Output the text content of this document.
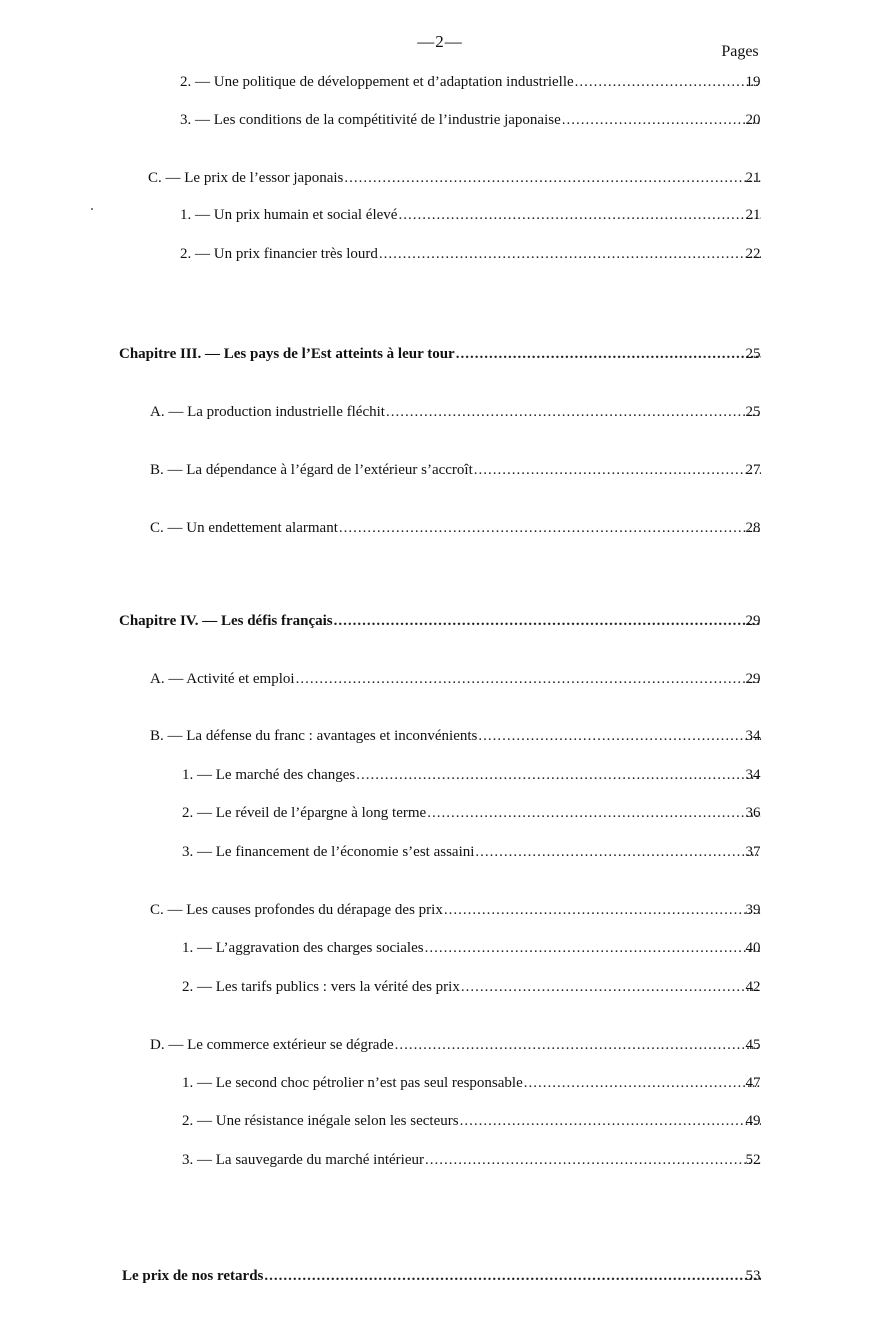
—2—
Pages
2. — Une politique de développement et d’adaptation industrielle .....	19
3. — Les conditions de la compétitivité de l’industrie japonaise .....	20
C. — Le prix de l’essor japonais .....	21
1. — Un prix humain et social élevé .....	21
2. — Un prix financier très lourd .....	22
Chapitre III. — Les pays de l’Est atteints à leur tour .....	25
A. — La production industrielle fléchit .....	25
B. — La dépendance à l’égard de l’extérieur s’accroît .....	27
C. — Un endettement alarmant .....	28
Chapitre IV. — Les défis français .....	29
A. — Activité et emploi .....	29
B. — La défense du franc : avantages et inconvénients .....	34
1. — Le marché des changes .....	34
2. — Le réveil de l’épargne à long terme .....	36
3. — Le financement de l’économie s’est assaini .....	37
C. — Les causes profondes du dérapage des prix .....	39
1. — L’aggravation des charges sociales .....	40
2. — Les tarifs publics : vers la vérité des prix .....	42
D. — Le commerce extérieur se dégrade .....	45
1. — Le second choc pétrolier n’est pas seul responsable .....	47
2. — Une résistance inégale selon les secteurs .....	49
3. — La sauvegarde du marché intérieur .....	52
Le prix de nos retards .....	53
